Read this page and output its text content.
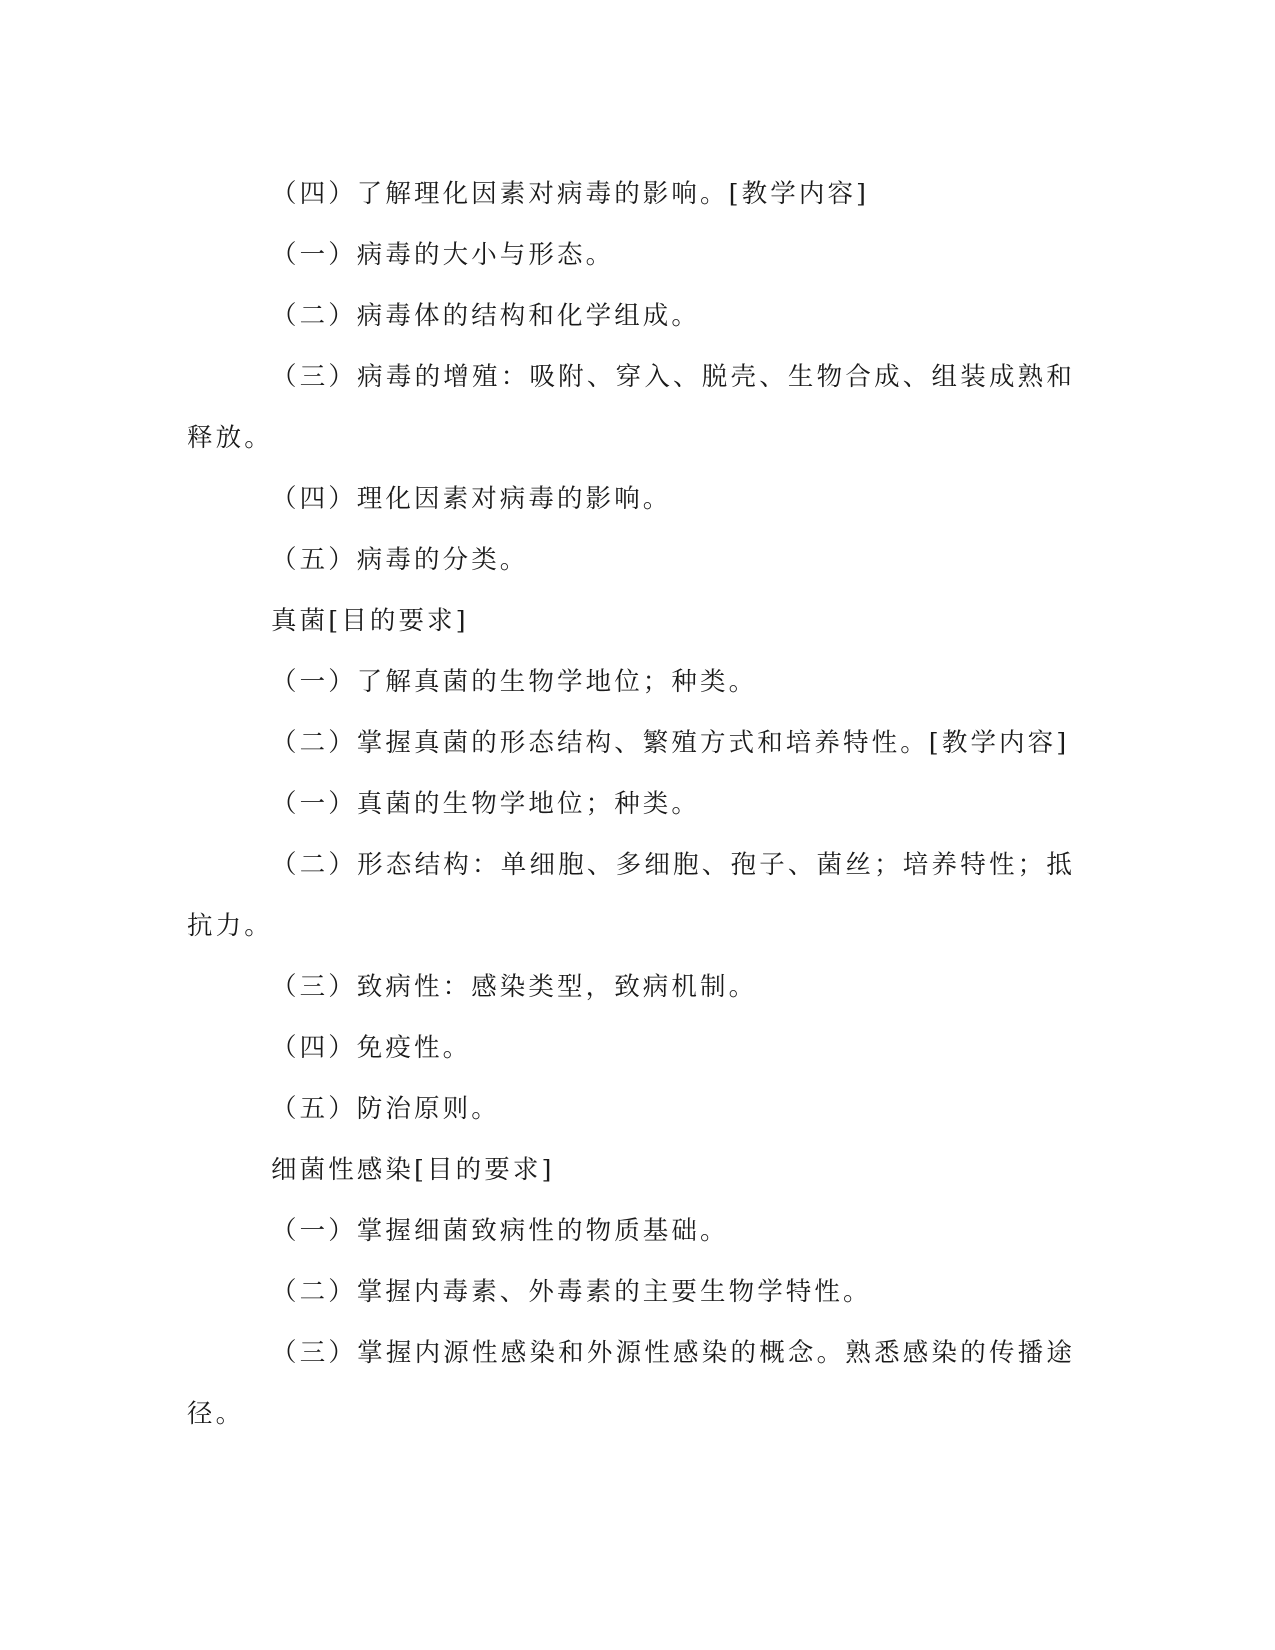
（四）了解理化因素对病毒的影响。[教学内容]

（一）病毒的大小与形态。

（二）病毒体的结构和化学组成。

（三）病毒的增殖：吸附、穿入、脱壳、生物合成、组装成熟和释放。

（四）理化因素对病毒的影响。

（五）病毒的分类。

真菌[目的要求]

（一）了解真菌的生物学地位；种类。

（二）掌握真菌的形态结构、繁殖方式和培养特性。[教学内容]

（一）真菌的生物学地位；种类。

（二）形态结构：单细胞、多细胞、孢子、菌丝；培养特性；抵抗力。

（三）致病性：感染类型，致病机制。

（四）免疫性。

（五）防治原则。

细菌性感染[目的要求]

（一）掌握细菌致病性的物质基础。

（二）掌握内毒素、外毒素的主要生物学特性。

（三）掌握内源性感染和外源性感染的概念。熟悉感染的传播途径。
